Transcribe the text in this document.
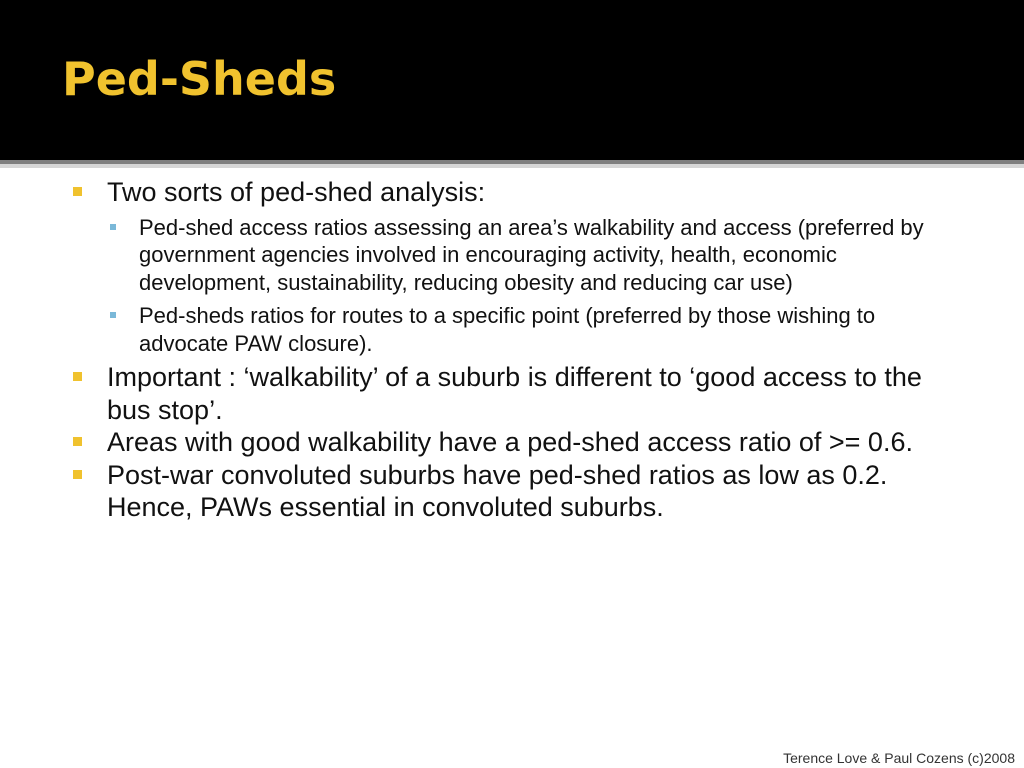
Ped-Sheds
Two sorts of ped-shed analysis:
Ped-shed access ratios assessing an area’s walkability and access (preferred by government agencies involved in encouraging activity, health, economic development, sustainability, reducing obesity and reducing car use)
Ped-sheds ratios for routes to a specific point (preferred by those wishing to advocate PAW closure).
Important : ‘walkability’ of a suburb is different to ‘good access to the bus stop’.
Areas with good walkability have a ped-shed access ratio of >= 0.6.
Post-war convoluted suburbs have ped-shed ratios as low as 0.2. Hence, PAWs essential in convoluted suburbs.
Terence Love & Paul Cozens (c)2008
